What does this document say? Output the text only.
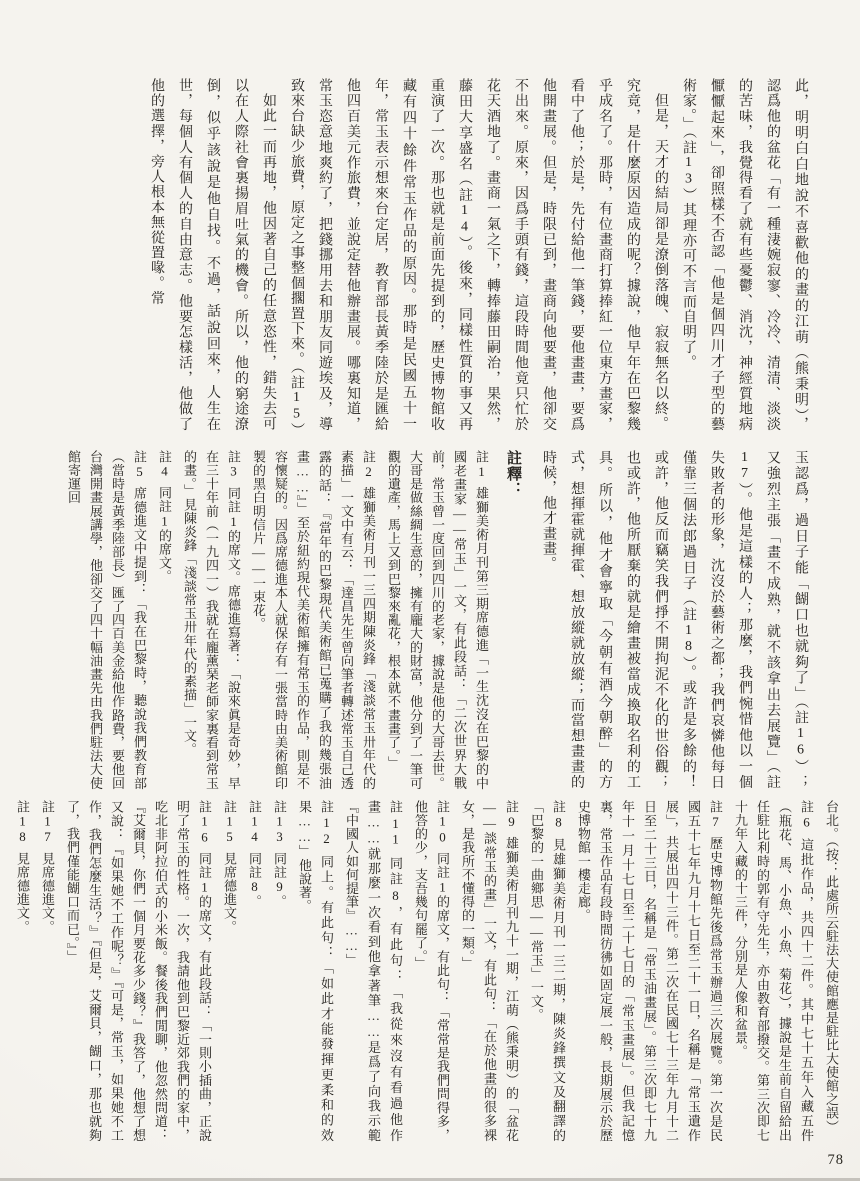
此，明明白白地說不喜歡他的畫的江萌（熊秉明），認爲他的盆花「有一種淒婉寂寥、冷冷、清清、淡淡的苦味，我覺得看了就有些憂鬱、消沈，神經質地病懨懨起來」，卻照樣不否認「他是個四川才子型的藝術家。」（註13）其理亦可不言而自明了。

但是，天才的結局卻是潦倒落魄、寂寂無名以終。究竟，是什麼原因造成的呢？據說，他早年在巴黎幾乎成名了。那時，有位畫商打算捧紅一位東方畫家，看中了他；於是，先付給他一筆錢，要他畫畫，要爲他開畫展。但是，時限已到，畫商向他要畫，他卻交不出來。原來，因爲手頭有錢，這段時間他竟只忙於花天酒地了。畫商一氣之下，轉捧藤田嗣治，果然，藤田大享盛名（註14）。後來，同樣性質的事又再重演了一次。那也就是前面先提到的，歷史博物館收藏有四十餘件常玉作品的原因。那時是民國五十一年，常玉表示想來台定居，教育部長黃季陸於是匯給他四百美元作旅費，並說定替他辦畫展。哪裏知道，常玉恣意地爽約了，把錢挪用去和朋友同遊埃及，導致來台缺少旅費，原定之事整個擱置下來。（註15）

如此一而再地，他因著自己的任意恣性，錯失去可以在人際社會裏揚眉吐氣的機會。所以，他的窮途潦倒，似乎該說是他自找。不過，話說回來，人生在世，每個人有個人的自由意志。他要怎樣活，他做了他的選擇，旁人根本無從置喙。常

玉認爲，過日子能「餬口也就夠了」（註16）；又強烈主張「畫不成熟，就不該拿出去展覽」（註17）。他是這樣的人；那麼，我們惋惜他以一個失敗者的形象，沈沒於藝術之都；我們哀憐他每日僅靠三個法郎過日子（註18）。或許是多餘的！或許，他反而竊笑我們掙不開拘泥不化的世俗觀；也或許，他所厭棄的就是繪畫被當成換取名利的工具。所以，他才會寧取「今朝有酒今朝醉」的方式，想揮霍就揮霍、想放縱就放縱；而當想畫畫的時候，他才畫畫。
註釋：
註1雄獅美術月刊第三期席德進「一生沈沒在巴黎的中國老畫家——常玉」一文，有此段話：「二次世界大戰前，常玉曾一度回到四川的老家，據說是他的大哥去世。大哥是做絲綢生意的，擁有龐大的財富，他分到了一筆可觀的遺產，馬上又到巴黎來亂花，根本就不畫畫了。」
註2雄獅美術月刊一三四期陳炎鋒「淺談常玉卅年代的素描」一文中有云：「達昌先生曾向筆者轉述常玉自己透露的話：『當年的巴黎現代美術館已蒐購了我的幾張油畫……』」至於紐約現代美術館擁有常玉的作品，則是不容懷疑的。因爲席德進本人就保存有一張當時由美術館印製的黑白明信片——一束花。
註3同註1的席文。席德進寫著：「說來眞是奇妙，早在三十年前（一九四一）我就在龐薰琹老師家裏看到常玉的畫。」見陳炎鋒「淺談常玉卅年代的素描」一文。
註4同註1的席文。
註5席德進文中提到：「我在巴黎時，聽說我們教育部（當時是黃季陸部長）匯了四百美金給他作路費，要他回台灣開畫展講學，他卻交了四十幅油畫先由我們駐法大使館寄運回
台北。（按：此處所云駐法大使館應是駐比大使館之誤）
註6這批作品，共四十二件。其中七十五年入藏五件（瓶花、馬、小魚、小魚、菊花），據說是生前自留給出任駐比利時的郭有守先生，亦由教育部撥交。第三次即七十九年入藏的十三件，分別是人像和盆景。
註7歷史博物館先後爲常玉辦過三次展覽。第一次是民國五十七年九月十七日至二十一日，名稱是「常玉遺作展」，共展出四十三件。第二次在民國七十三年九月十二日至二十三日，名稱是「常玉油畫展」。第三次即七十九年十一月十七日至二十七日的「常玉畫展」。但我記憶裏，常玉作品有段時間彷彿如固定展一般，長期展示於歷史博物館一樓走廊。
註8見雄獅美術月刊一三二期，陳炎鋒撰文及翻譯的「巴黎的一曲鄉思——常玉」一文。
註9雄獅美術月刊九十一期，江萌（熊秉明）的「盆花——談常玉的畫」一文，有此句：「在於他畫的很多裸女，是我所不懂得的一類。」
註10同註1的席文，有此句：「常常是我們問得多，他答的少，支吾幾句罷了。」
註11同註8，有此句：「我從來沒有看過他作畫……就那麼一次看到他拿著筆……是爲了向我示範『中國人如何提筆』……」
註12同上。有此句：「如此才能發揮更柔和的效果……」他說著。
註13同註9。
註14同註8。
註15見席德進文。
註16同註1的席文，有此段話：「一則小插曲，正說明了常玉的性格。一次，我請他到巴黎近郊我們的家中，吃北非阿拉伯式的小米飯。餐後我們閒聊，他忽然問道：『艾爾貝，你們一個月要花多少錢？』我答了，他想了想又說：『如果她不工作呢？』『可是，常玉，如果她不工作，我們怎麼生活？』『但是，艾爾貝，餬口，那也就夠了，我們僅能餬口而已。』」
註17見席德進文。
註18見席德進文。
78
